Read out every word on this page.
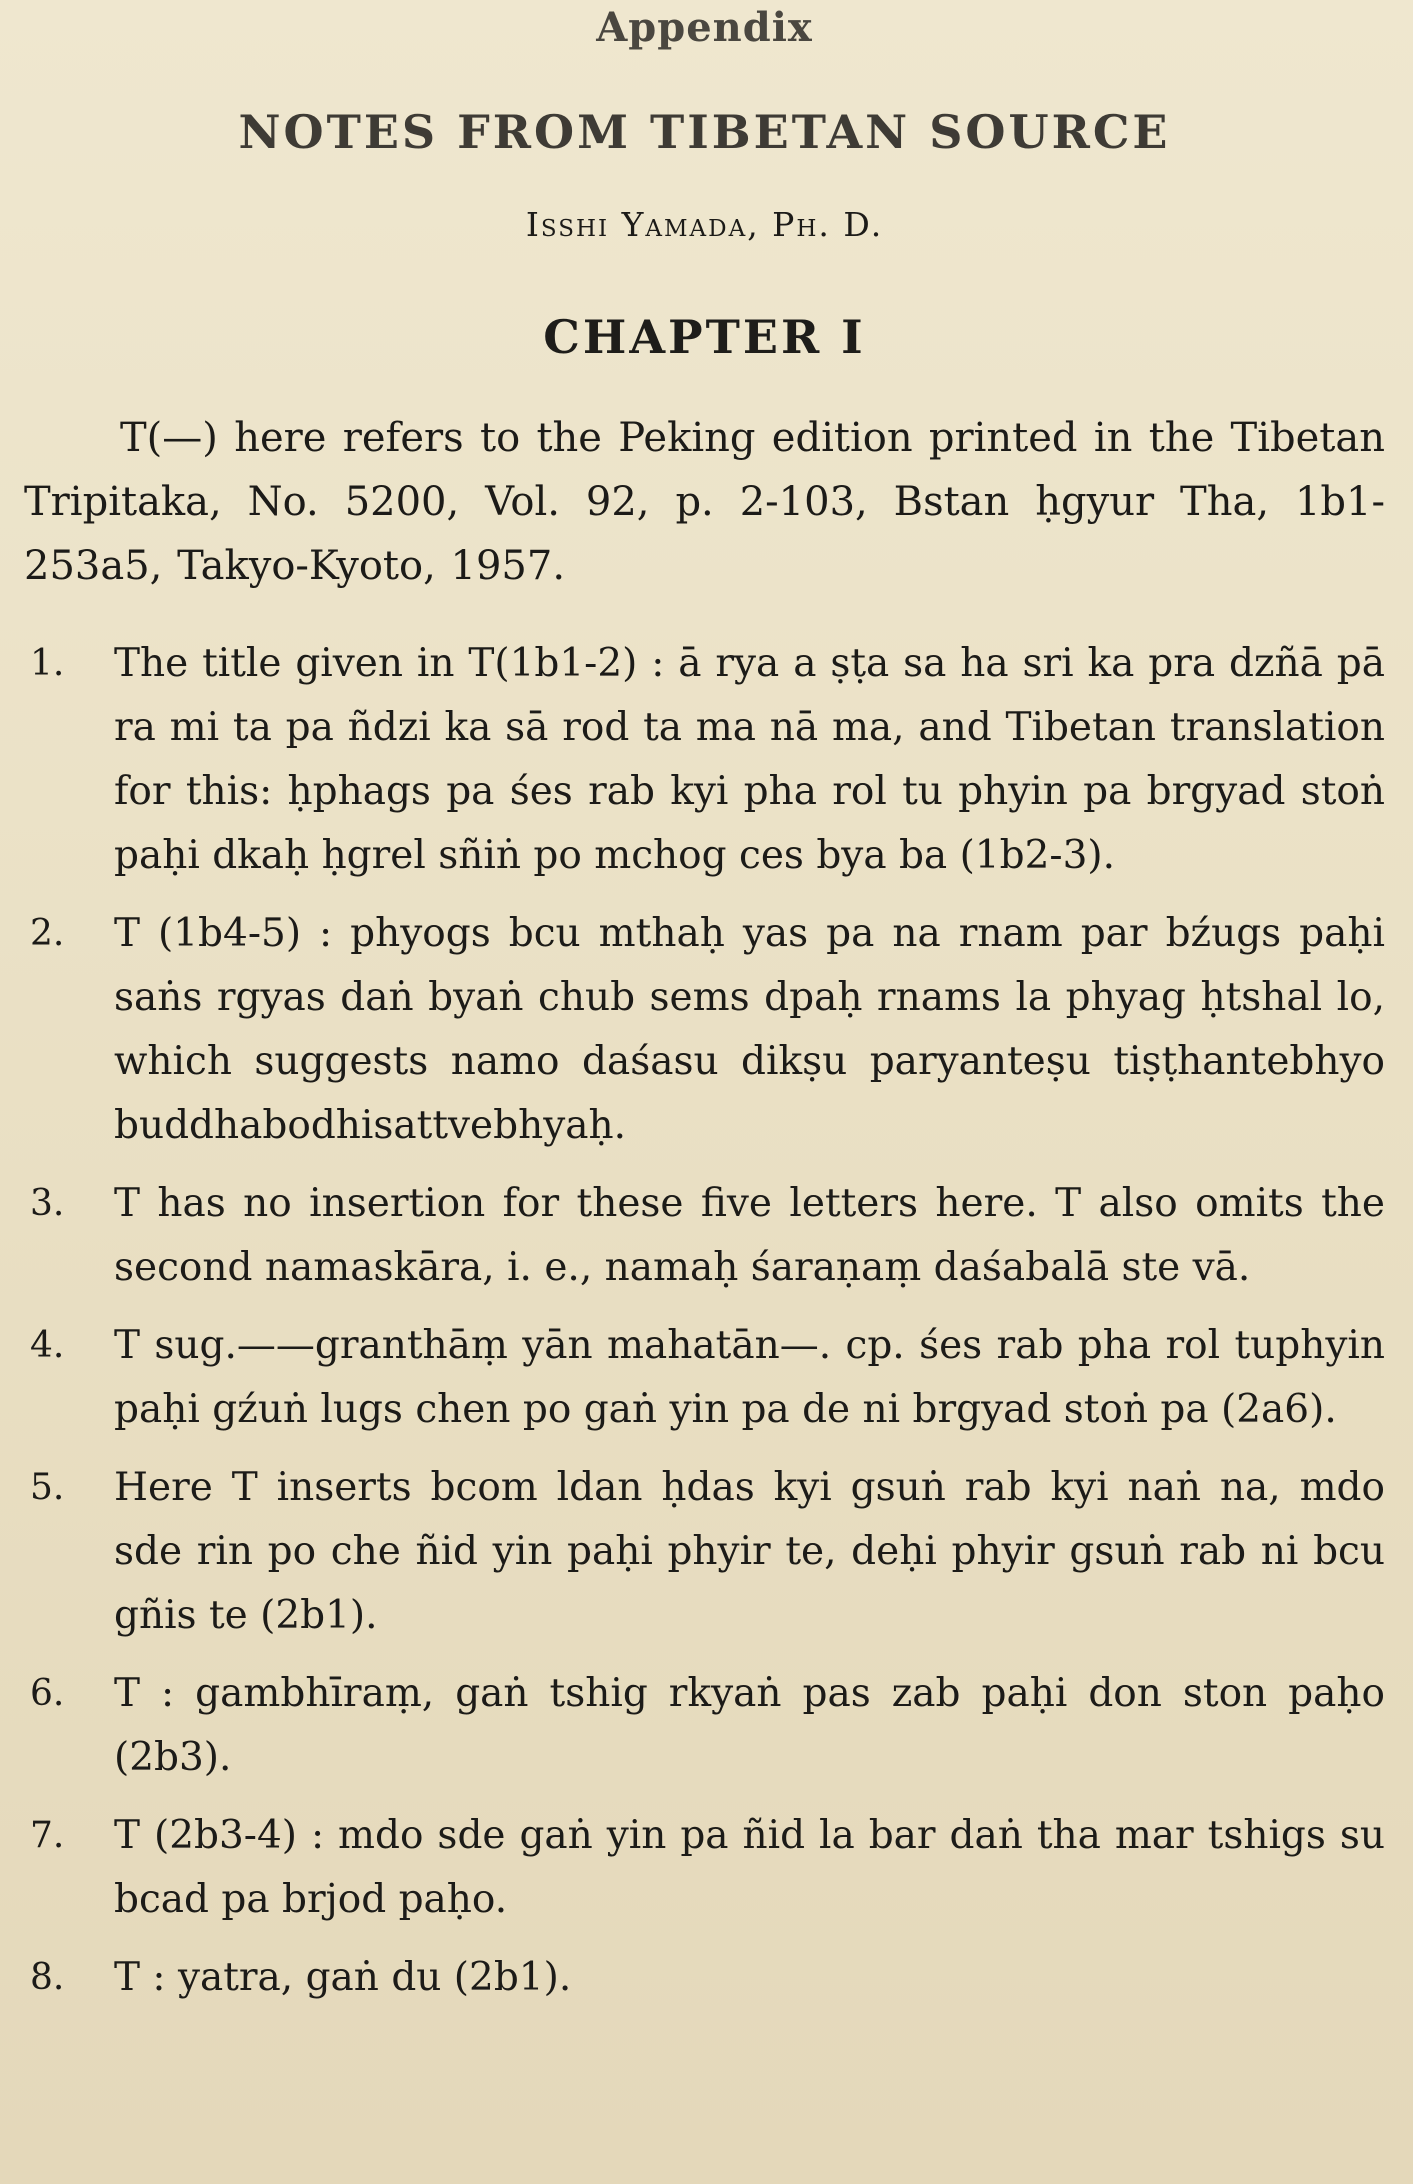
Appendix
NOTES FROM TIBETAN SOURCE
Isshi Yamada, Ph. D.
CHAPTER I

T(—) here refers to the Peking edition printed in the Tibetan Tripitaka, No. 5200, Vol. 92, p. 2-103, Bstan ḥgyur Tha, 1b1-253a5, Takyo-Kyoto, 1957.

1.	The title given in T(1b1-2) : ā rya a ṣṭa sa ha sri ka pra dzñā pā ra mi ta pa ñdzi ka sā rod ta ma nā ma, and Tibetan translation for this: ḥphags pa śes rab kyi pha rol tu phyin pa brgyad stoṅ paḥi dkaḥ ḥgrel sñiṅ po mchog ces bya ba (1b2-3).
2.	T (1b4-5) : phyogs bcu mthaḥ yas pa na rnam par bźugs paḥi saṅs rgyas daṅ byaṅ chub sems dpaḥ rnams la phyag ḥtshal lo, which suggests namo daśasu dikṣu paryanteṣu tiṣṭhantebhyo buddhabodhisattvebhyaḥ.
3.	T has no insertion for these five letters here. T also omits the second namaskāra, i. e., namaḥ śaraṇaṃ daśabalā ste vā.
4.	T sug.——granthāṃ yān mahatān—. cp. śes rab pha rol tuphyin paḥi gźuṅ lugs chen po gaṅ yin pa de ni brgyad stoṅ pa (2a6).
5.	Here T inserts bcom ldan ḥdas kyi gsuṅ rab kyi naṅ na, mdo sde rin po che ñid yin paḥi phyir te, deḥi phyir gsuṅ rab ni bcu gñis te (2b1).
6.	T : gambhīraṃ, gaṅ tshig rkyaṅ pas zab paḥi don ston paḥo (2b3).
7.	T (2b3-4) : mdo sde gaṅ yin pa ñid la bar daṅ tha mar tshigs su bcad pa brjod paḥo.
8.	T : yatra, gaṅ du (2b1).
